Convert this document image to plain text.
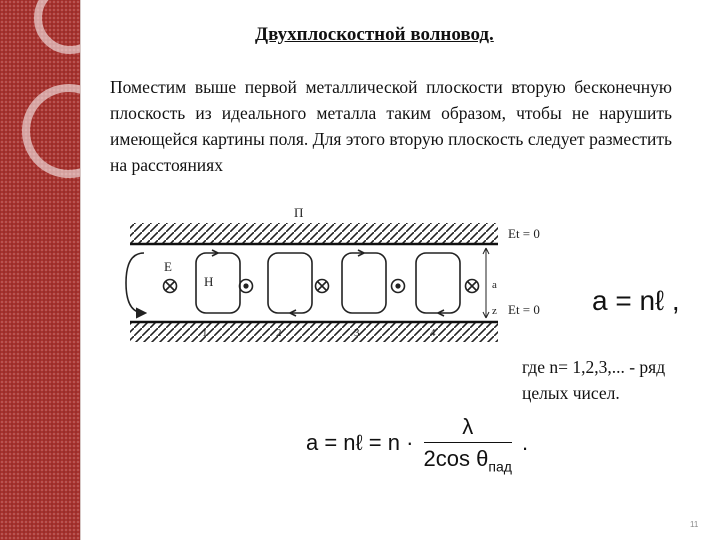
Двухплоскостной волновод.

Поместим выше первой металлической плоскости вторую бесконечную плоскость из идеального металла таким образом, чтобы не нарушить имеющейся картины поля. Для этого вторую плоскость следует разместить на расстояниях

П
Е
Н
Et = 0
Et = 0
a
z
1	2	3	4
a = nℓ ,

где n= 1,2,3,... - ряд
целых чисел.

a = nℓ = $n \cdot \frac{\lambda}{2\cos \theta_{пад}}$ .
11
